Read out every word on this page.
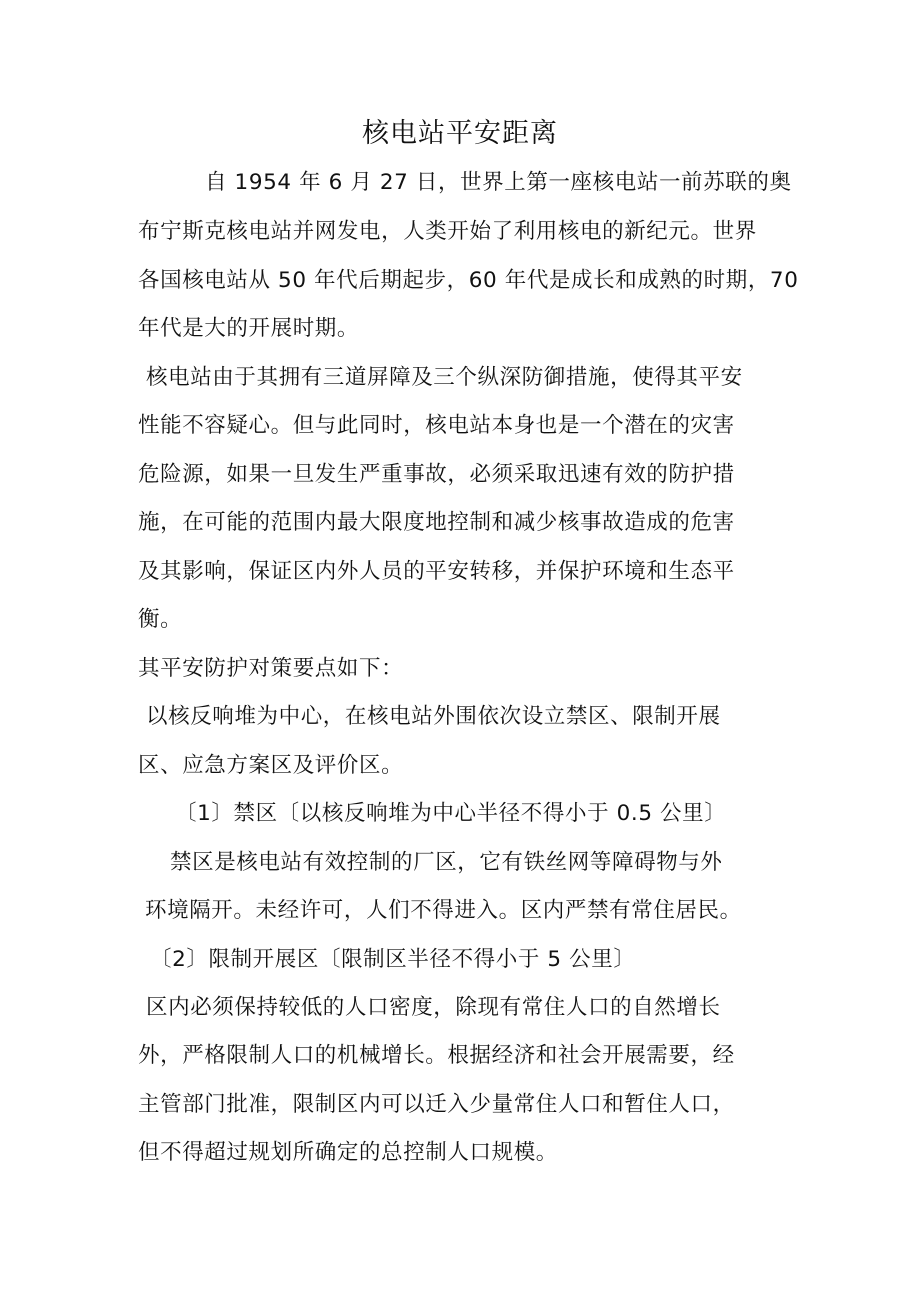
核电站平安距离
自 1954 年 6 月 27 日，世界上第一座核电站一前苏联的奥
布宁斯克核电站并网发电，人类开始了利用核电的新纪元。世界
各国核电站从 50 年代后期起步，60 年代是成长和成熟的时期，70
年代是大的开展时期。
核电站由于其拥有三道屏障及三个纵深防御措施，使得其平安
性能不容疑心。但与此同时，核电站本身也是一个潜在的灾害
危险源，如果一旦发生严重事故，必须采取迅速有效的防护措
施，在可能的范围内最大限度地控制和减少核事故造成的危害
及其影响，保证区内外人员的平安转移，并保护环境和生态平
衡。
其平安防护对策要点如下：
以核反响堆为中心，在核电站外围依次设立禁区、限制开展
区、应急方案区及评价区。
〔1〕禁区〔以核反响堆为中心半径不得小于 0.5 公里〕
禁区是核电站有效控制的厂区，它有铁丝网等障碍物与外
环境隔开。未经许可，人们不得进入。区内严禁有常住居民。
〔2〕限制开展区〔限制区半径不得小于 5 公里〕
区内必须保持较低的人口密度，除现有常住人口的自然增长
外，严格限制人口的机械增长。根据经济和社会开展需要，经
主管部门批准，限制区内可以迁入少量常住人口和暂住人口，
但不得超过规划所确定的总控制人口规模。
